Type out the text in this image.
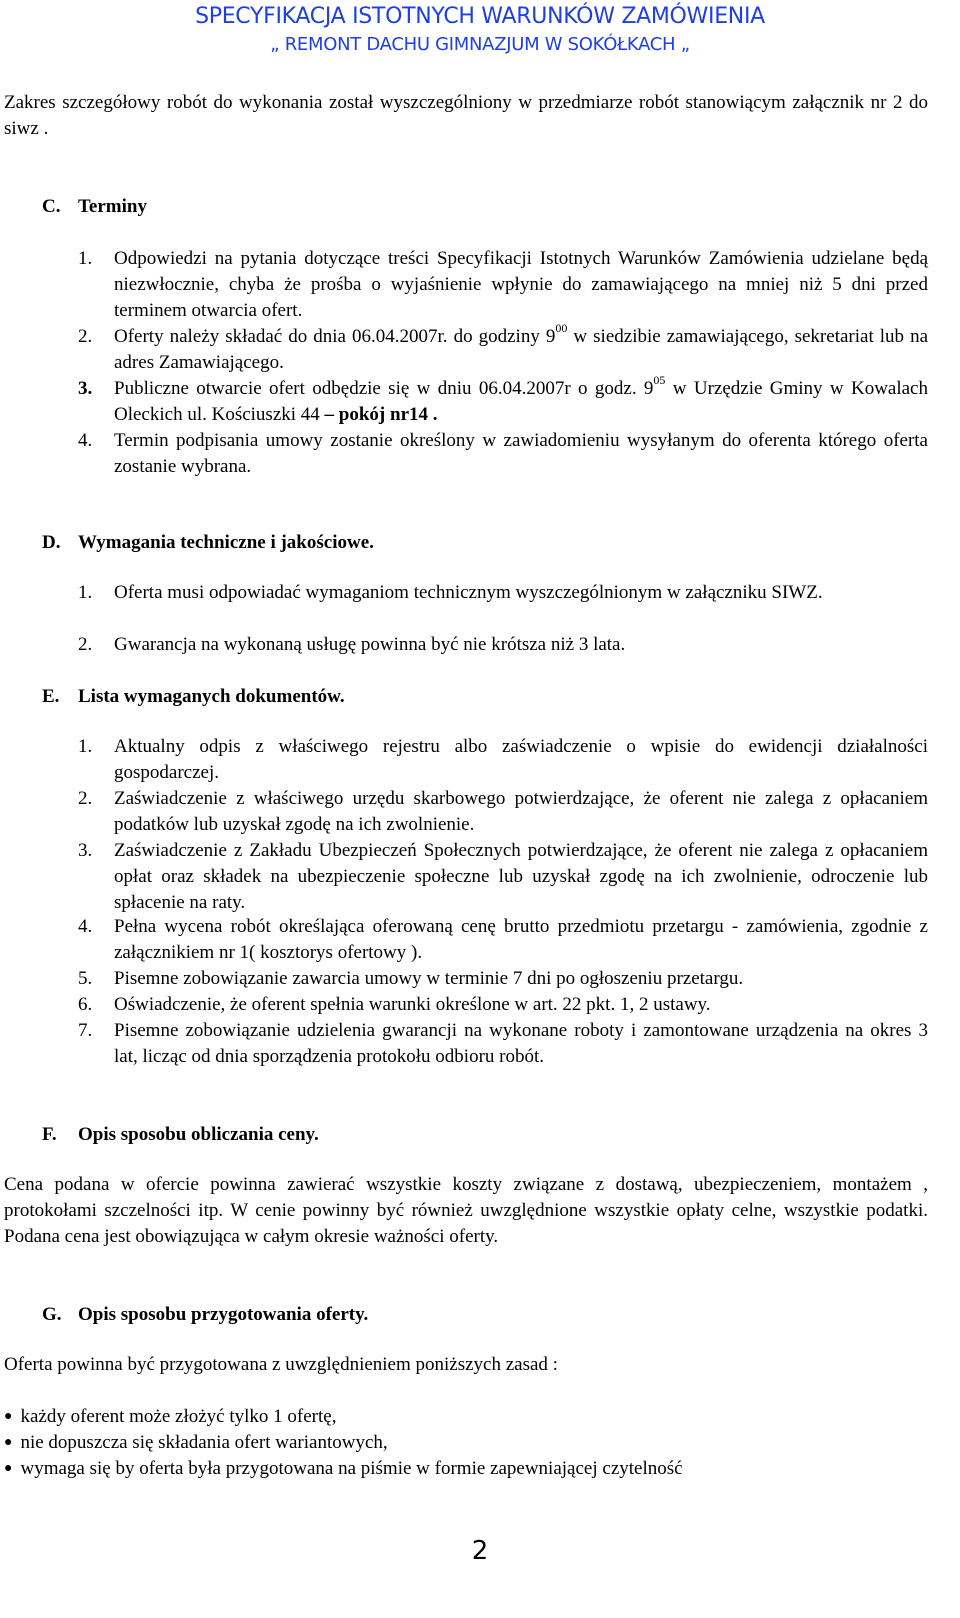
SPECYFIKACJA ISTOTNYCH WARUNKÓW ZAMÓWIENIA
„ REMONT DACHU GIMNAZJUM W SOKÓŁKACH „
Zakres szczegółowy robót do wykonania został wyszczególniony w przedmiarze robót stanowiącym załącznik nr 2 do siwz .
C. Terminy
1.	Odpowiedzi na pytania dotyczące treści Specyfikacji Istotnych Warunków Zamówienia udzielane będą niezwłocznie, chyba że prośba o wyjaśnienie wpłynie do zamawiającego na mniej niż 5 dni przed terminem otwarcia ofert.
2.	Oferty należy składać do dnia 06.04.2007r. do godziny $9^{00}$ w siedzibie zamawiającego, sekretariat lub na adres Zamawiającego.
3.	Publiczne otwarcie ofert odbędzie się w dniu 06.04.2007r o godz. $9^{05}$ w Urzędzie Gminy w Kowalach Oleckich ul. Kościuszki 44 – pokój nr14 .
4.	Termin podpisania umowy zostanie określony w zawiadomieniu wysyłanym do oferenta którego oferta zostanie wybrana.
D. Wymagania techniczne i jakościowe.
1.	Oferta musi odpowiadać wymaganiom technicznym wyszczególnionym w załączniku SIWZ.
2.	Gwarancja na wykonaną usługę powinna być nie krótsza niż 3 lata.
E. Lista wymaganych dokumentów.
1.	Aktualny odpis z właściwego rejestru albo zaświadczenie o wpisie do ewidencji działalności gospodarczej.
2.	Zaświadczenie z właściwego urzędu skarbowego potwierdzające, że oferent nie zalega z opłacaniem podatków lub uzyskał zgodę na ich zwolnienie.
3.	Zaświadczenie z Zakładu Ubezpieczeń Społecznych potwierdzające, że oferent nie zalega z opłacaniem opłat oraz składek na ubezpieczenie społeczne lub uzyskał zgodę na ich zwolnienie, odroczenie lub spłacenie na raty.
4.	Pełna wycena robót określająca oferowaną cenę brutto przedmiotu przetargu - zamówienia, zgodnie z załącznikiem nr 1( kosztorys ofertowy ).
5.	Pisemne zobowiązanie zawarcia umowy w terminie 7 dni po ogłoszeniu przetargu.
6.	Oświadczenie, że oferent spełnia warunki określone w art. 22 pkt. 1, 2 ustawy.
7.	Pisemne zobowiązanie udzielenia gwarancji na wykonane roboty i zamontowane urządzenia na okres 3 lat, licząc od dnia sporządzenia protokołu odbioru robót.
F. Opis sposobu obliczania ceny.
Cena podana w ofercie powinna zawierać wszystkie koszty związane z dostawą, ubezpieczeniem, montażem , protokołami szczelności itp. W cenie powinny być również uwzględnione wszystkie opłaty celne, wszystkie podatki. Podana cena jest obowiązująca w całym okresie ważności oferty.
G. Opis sposobu przygotowania oferty.
Oferta powinna być przygotowana z uwzględnieniem poniższych zasad :
● każdy oferent może złożyć tylko 1 ofertę,
● nie dopuszcza się składania ofert wariantowych,
● wymaga się by oferta była przygotowana na piśmie w formie zapewniającej czytelność
2
